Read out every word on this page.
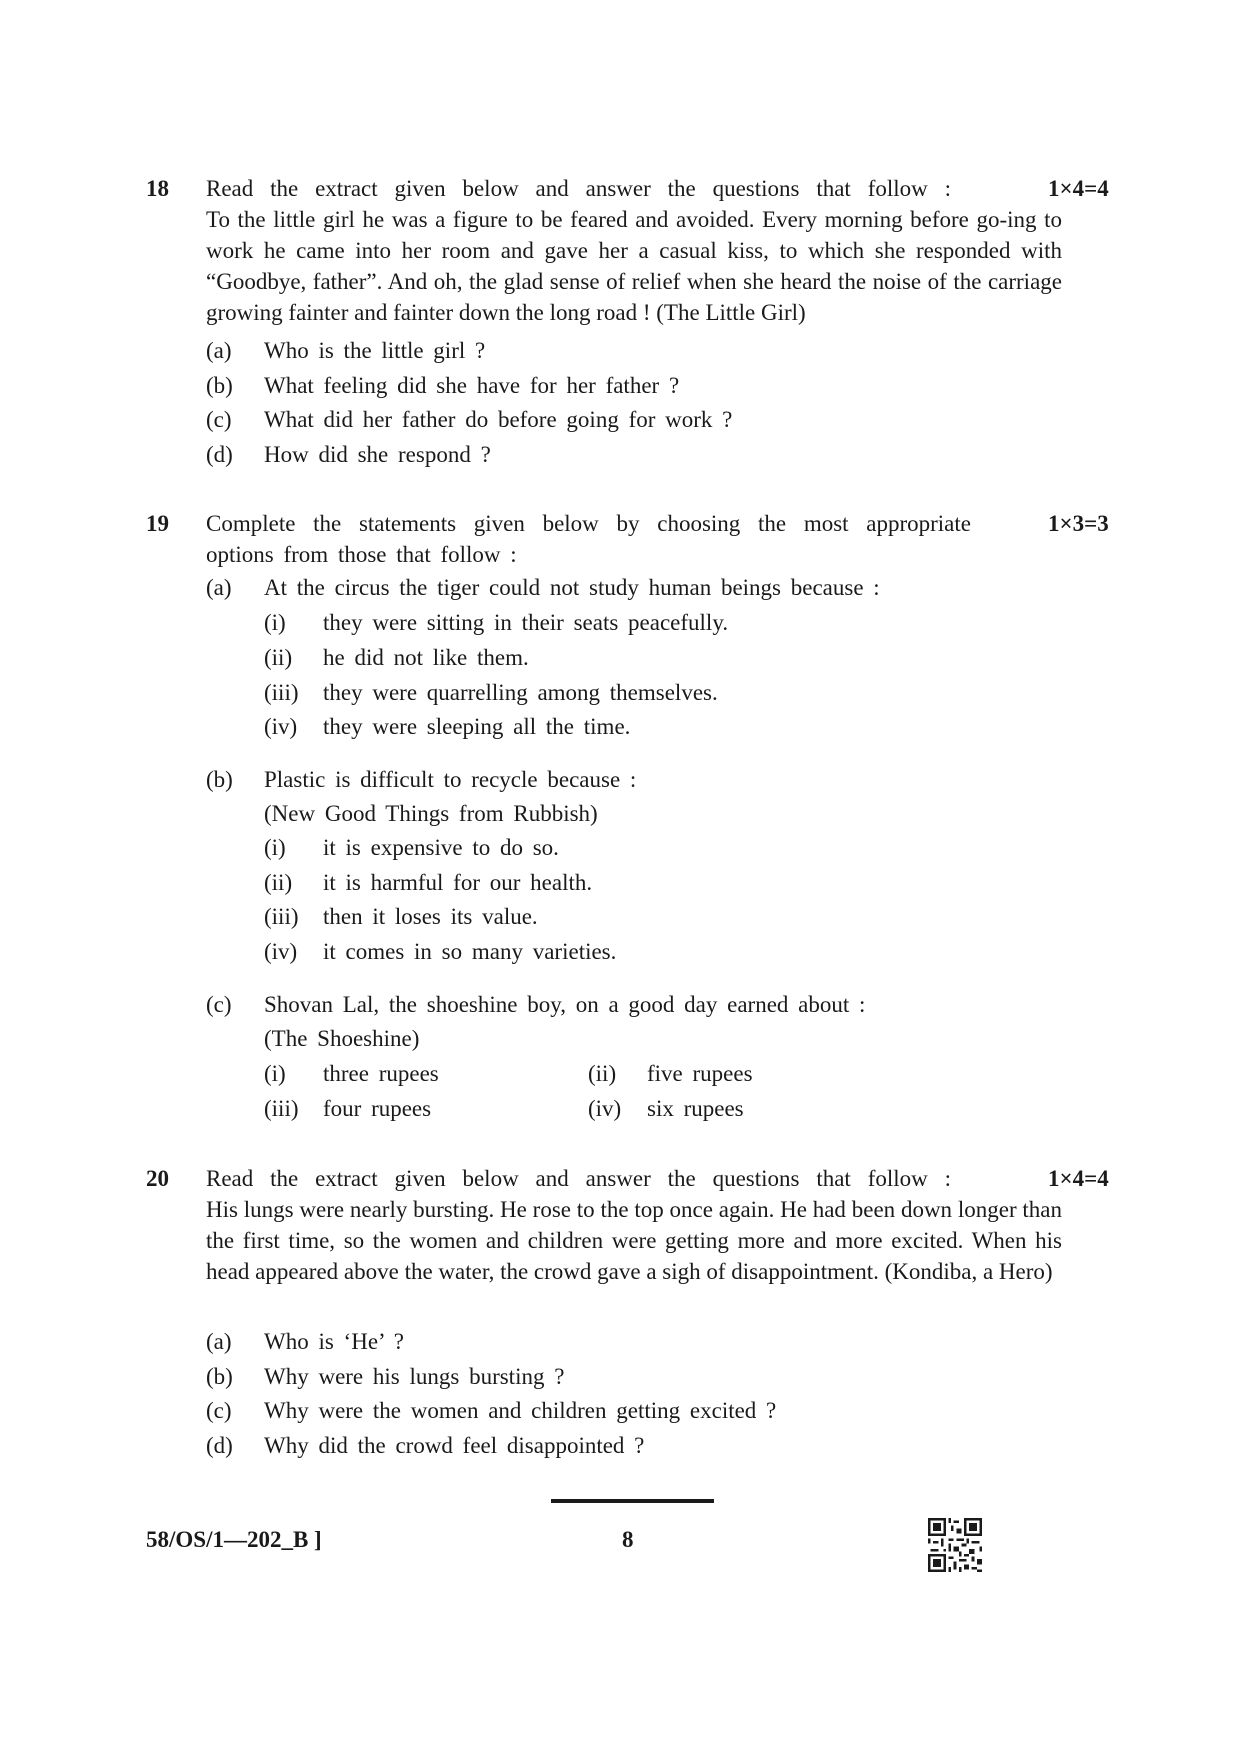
18	1×4=4
Read the extract given below and answer the questions that follow :
To the little girl he was a figure to be feared and avoided. Every morning before go-ing to work he came into her room and gave her a casual kiss, to which she responded with “Goodbye, father”. And oh, the glad sense of relief when she heard the noise of the carriage growing fainter and fainter down the long road ! (The Little Girl)
(a) Who is the little girl ?
(b) What feeling did she have for her father ?
(c) What did her father do before going for work ?
(d) How did she respond ?
19	1×3=3
Complete the statements given below by choosing the most appropriate
options from those that follow :
(a) At the circus the tiger could not study human beings because :
(i) they were sitting in their seats peacefully.
(ii) he did not like them.
(iii) they were quarrelling among themselves.
(iv) they were sleeping all the time.
(b) Plastic is difficult to recycle because :
(New Good Things from Rubbish)
(i) it is expensive to do so.
(ii) it is harmful for our health.
(iii) then it loses its value.
(iv) it comes in so many varieties.
(c) Shovan Lal, the shoeshine boy, on a good day earned about :
(The Shoeshine)
(i) three rupees	(ii) five rupees
(iii) four rupees	(iv) six rupees
20	1×4=4
Read the extract given below and answer the questions that follow :
His lungs were nearly bursting. He rose to the top once again. He had been down longer than the first time, so the women and children were getting more and more excited. When his head appeared above the water, the crowd gave a sigh of disappointment. (Kondiba, a Hero)
(a) Who is ‘He’ ?
(b) Why were his lungs bursting ?
(c) Why were the women and children getting excited ?
(d) Why did the crowd feel disappointed ?
58/OS/1—202_B ]	8
